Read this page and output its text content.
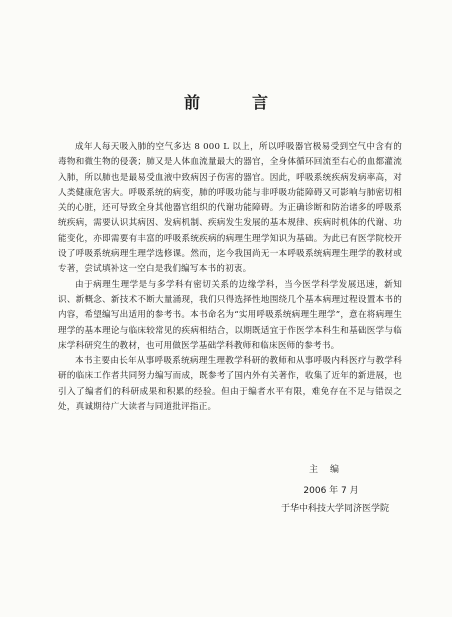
前　言

成年人每天吸入肺的空气多达 8 000 L 以上，所以呼吸器官极易受到空气中含有的毒物和微生物的侵袭；肺又是人体血流量最大的器官，全身体循环回流至右心的血都灌流入肺，所以肺也是最易受血液中致病因子伤害的器官。因此，呼吸系统疾病发病率高，对人类健康危害大。呼吸系统的病变，肺的呼吸功能与非呼吸功能障碍又可影响与肺密切相关的心脏，还可导致全身其他器官组织的代谢功能障碍。为正确诊断和防治诸多的呼吸系统疾病，需要认识其病因、发病机制、疾病发生发展的基本规律、疾病时机体的代谢、功能变化，亦即需要有丰富的呼吸系统疾病的病理生理学知识为基础。为此已有医学院校开设了呼吸系统病理生理学选修课。然而，迄今我国尚无一本呼吸系统病理生理学的教材或专著，尝试填补这一空白是我们编写本书的初衷。

由于病理生理学是与多学科有密切关系的边缘学科，当今医学科学发展迅速，新知识、新概念、新技术不断大量涌现，我们只得选择性地围绕几个基本病理过程设置本书的内容，希望编写出适用的参考书。本书命名为“实用呼吸系统病理生理学”，意在将病理生理学的基本理论与临床较常见的疾病相结合，以期既适宜于作医学本科生和基础医学与临床学科研究生的教材，也可用做医学基础学科教师和临床医师的参考书。

本书主要由长年从事呼吸系统病理生理教学科研的教师和从事呼吸内科医疗与教学科研的临床工作者共同努力编写而成，既参考了国内外有关著作，收集了近年的新进展，也引入了编者们的科研成果和积累的经验。但由于编者水平有限，难免存在不足与错误之处，真诚期待广大读者与同道批评指正。

主编
2006 年 7 月
于华中科技大学同济医学院
